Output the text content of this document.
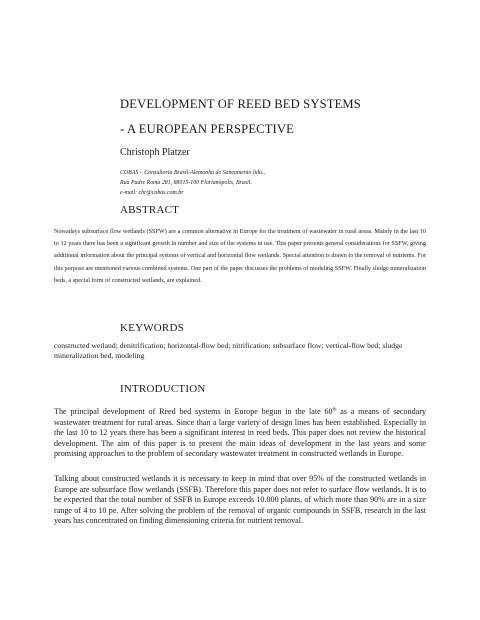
DEVELOPMENT OF REED BED SYSTEMS
- A EUROPEAN PERSPECTIVE
Christoph Platzer
COBAS – Consultoria Brasil-Alemanha de Saneamento ltda.,
Rua Padre Roma 281, 88015-100 Florianópolis, Brasil.
e-mail: chr@cobas.com.br
ABSTRACT

Nowadays subsurface flow wetlands (SSFW) are a common alternative in Europe for the treatment of wastewater in rural areas. Mainly in the last 10 to 12 years there has been a significant growth in number and size of the systems in use. This paper presents general considerations for SSFW, giving additional information about the principal systems of vertical and horizontal flow wetlands. Special attention is drawn to the removal of nutrients. For this purpose are mentioned various combined systems. One part of the paper discusses the problems of modeling SSFW. Finally sludge mineralization beds, a special form of constructed wetlands, are explained.

KEYWORDS

constructed wetland; denitrification; horizontal-flow bed; nitrification; subsurface flow; vertical-flow bed; sludge mineralization bed, modeling

INTRODUCTION

The principal development of Reed bed systems in Europe begun in the late 60th as a means of secondary wastewater treatment for rural areas. Since than a large variety of design lines has been established. Especially in the last 10 to 12 years there has been a significant interest in reed beds. This paper does not review the historical development. The aim of this paper is to present the main ideas of development in the last years and some promising approaches to the problem of secondary wastewater treatment in constructed wetlands in Europe.

Talking about constructed wetlands it is necessary to keep in mind that over 95% of the constructed wetlands in Europe are subsurface flow wetlands (SSFB). Therefore this paper does not refer to surface flow wetlands. It is to be expected that the total number of SSFB in Europe exceeds 10.000 plants, of which more than 90% are in a size range of 4 to 10 pe. After solving the problem of the removal of organic compounds in SSFB, research in the last years has concentrated on finding dimensioning criteria for nutrient removal.
